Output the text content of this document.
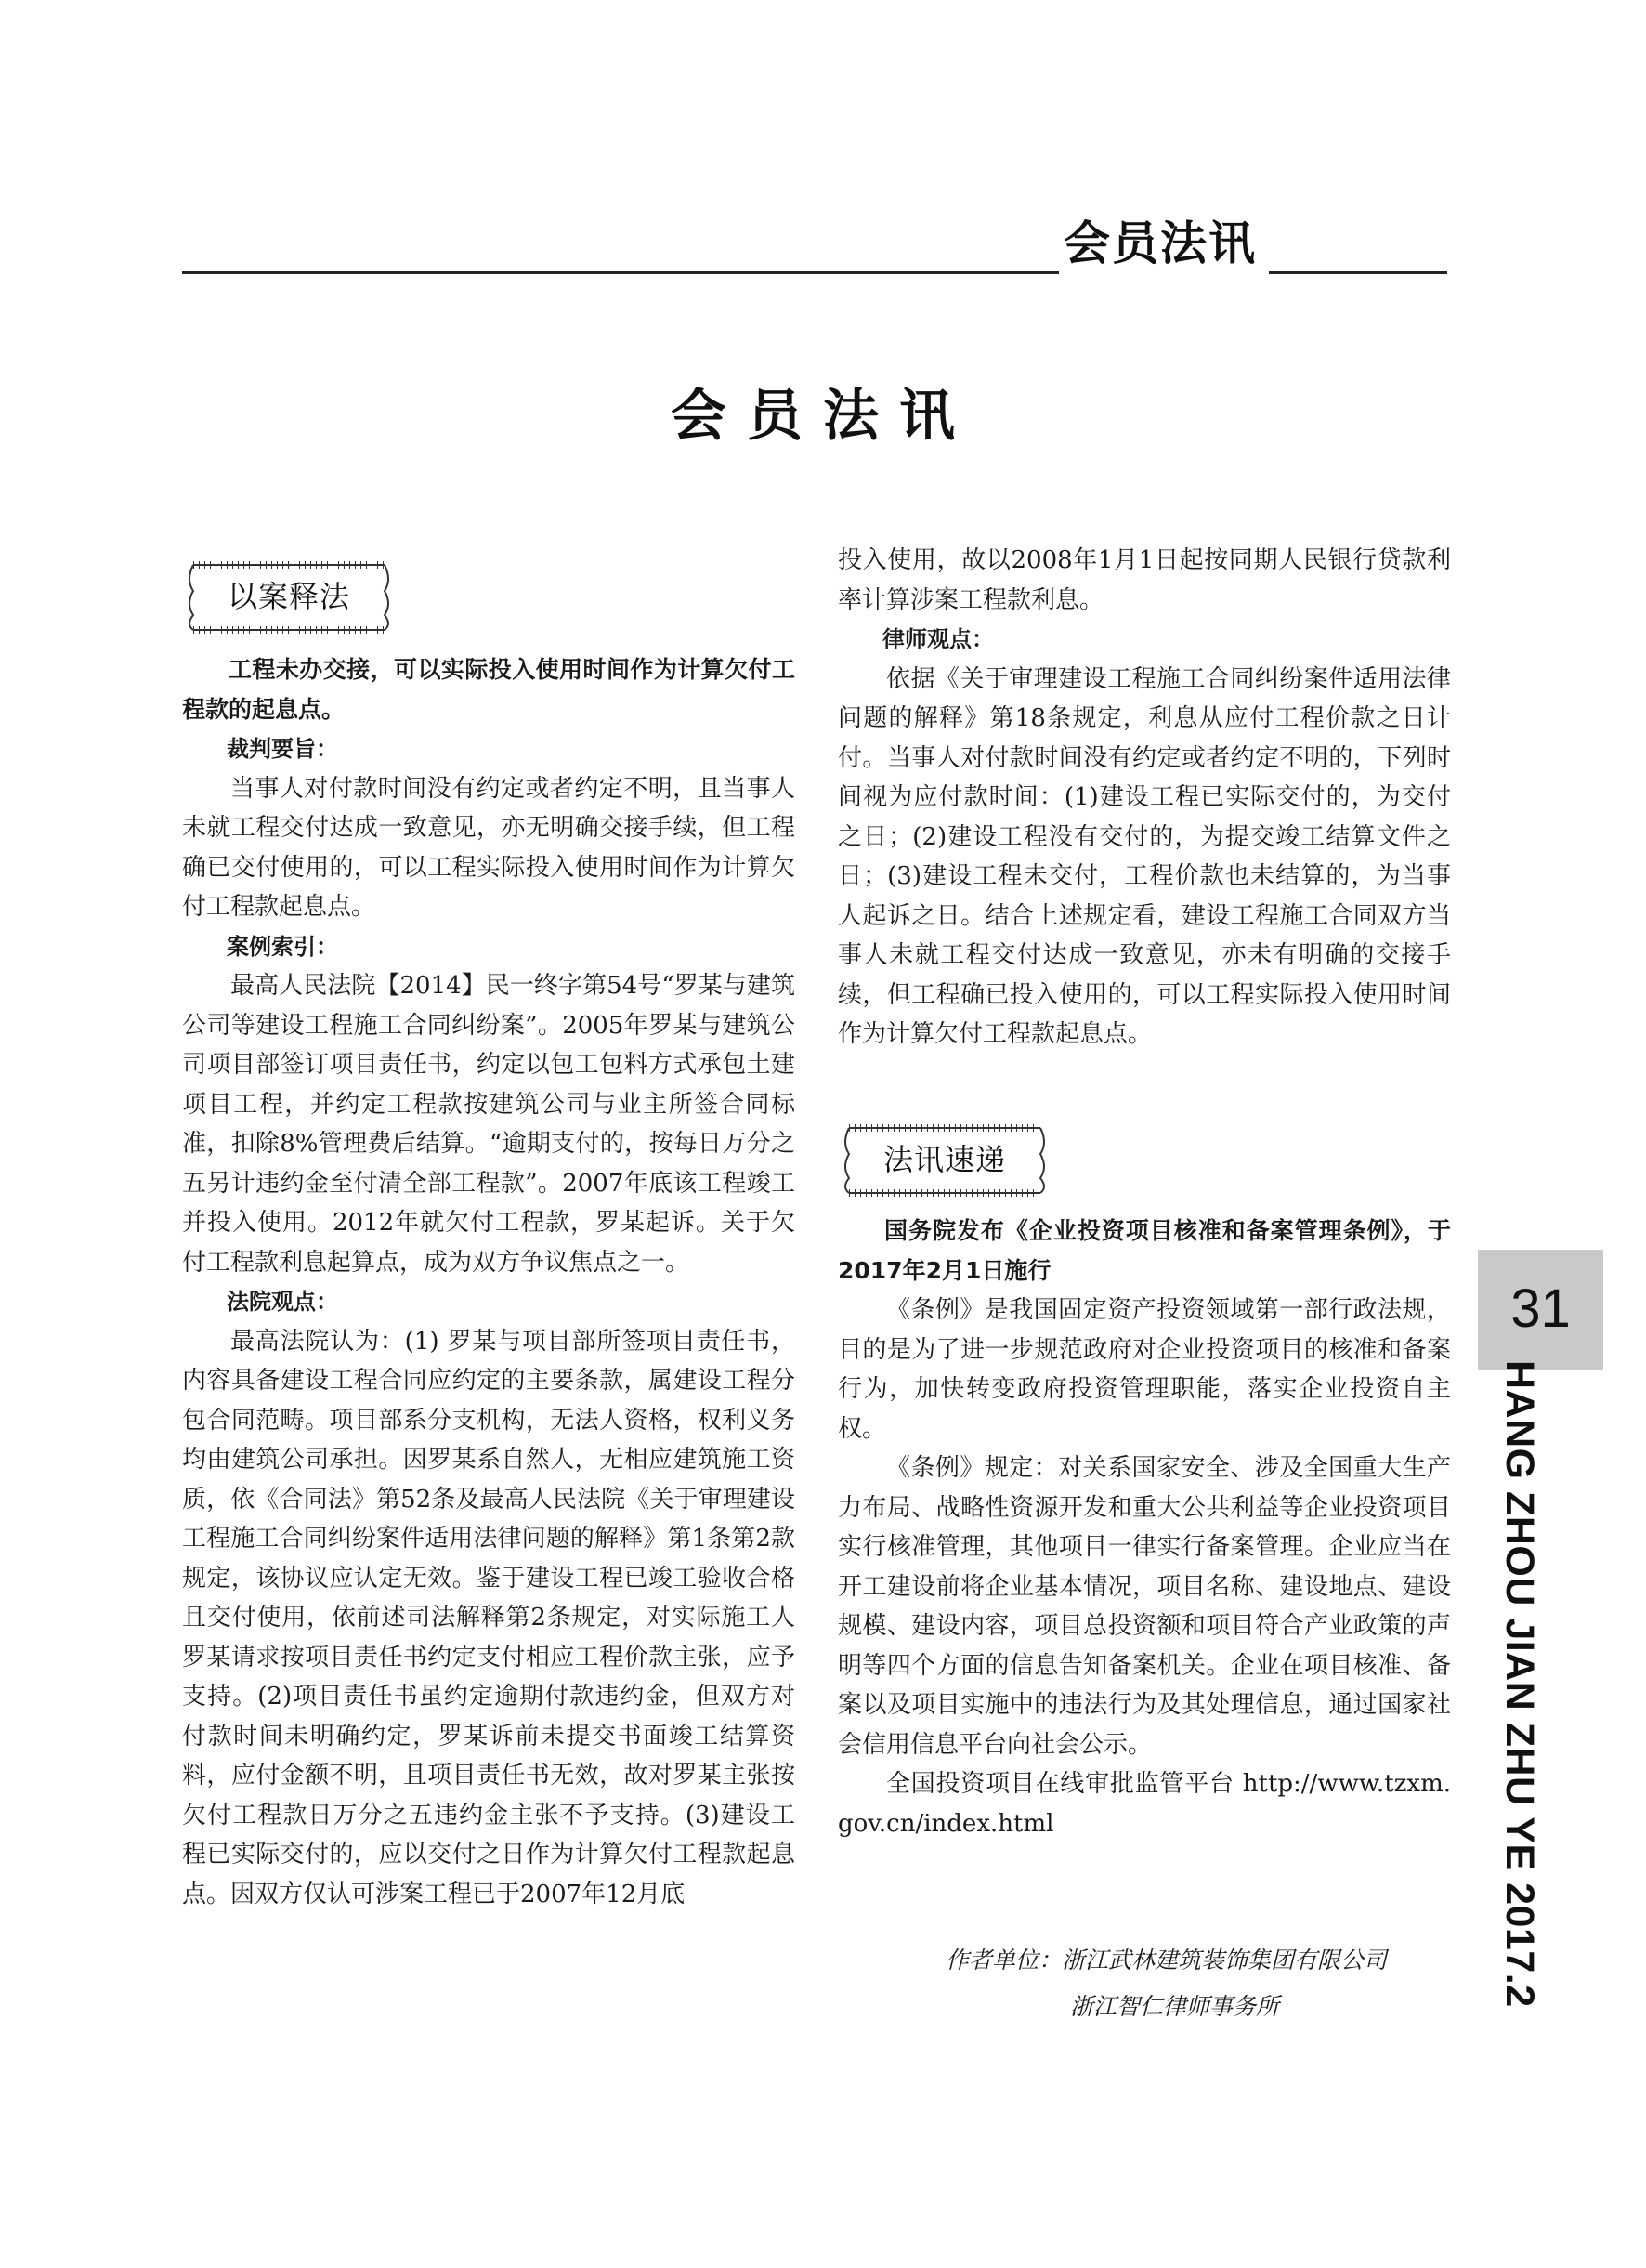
会员法讯
会员法讯
以案释法

工程未办交接，可以实际投入使用时间作为计算欠付工程款的起息点。

裁判要旨：

当事人对付款时间没有约定或者约定不明，且当事人未就工程交付达成一致意见，亦无明确交接手续，但工程确已交付使用的，可以工程实际投入使用时间作为计算欠付工程款起息点。

案例索引：

最高人民法院【2014】民一终字第54号“罗某与建筑公司等建设工程施工合同纠纷案”。2005年罗某与建筑公司项目部签订项目责任书，约定以包工包料方式承包土建项目工程，并约定工程款按建筑公司与业主所签合同标准，扣除8%管理费后结算。“逾期支付的，按每日万分之五另计违约金至付清全部工程款”。2007年底该工程竣工并投入使用。2012年就欠付工程款，罗某起诉。关于欠付工程款利息起算点，成为双方争议焦点之一。

法院观点：

最高法院认为：(1) 罗某与项目部所签项目责任书，内容具备建设工程合同应约定的主要条款，属建设工程分包合同范畴。项目部系分支机构，无法人资格，权利义务均由建筑公司承担。因罗某系自然人，无相应建筑施工资质，依《合同法》第52条及最高人民法院《关于审理建设工程施工合同纠纷案件适用法律问题的解释》第1条第2款规定，该协议应认定无效。鉴于建设工程已竣工验收合格且交付使用，依前述司法解释第2条规定，对实际施工人罗某请求按项目责任书约定支付相应工程价款主张，应予支持。(2)项目责任书虽约定逾期付款违约金，但双方对付款时间未明确约定，罗某诉前未提交书面竣工结算资料，应付金额不明，且项目责任书无效，故对罗某主张按欠付工程款日万分之五违约金主张不予支持。(3)建设工程已实际交付的，应以交付之日作为计算欠付工程款起息点。因双方仅认可涉案工程已于2007年12月底

投入使用，故以2008年1月1日起按同期人民银行贷款利率计算涉案工程款利息。

律师观点：

依据《关于审理建设工程施工合同纠纷案件适用法律问题的解释》第18条规定，利息从应付工程价款之日计付。当事人对付款时间没有约定或者约定不明的，下列时间视为应付款时间：(1)建设工程已实际交付的，为交付之日；(2)建设工程没有交付的，为提交竣工结算文件之日；(3)建设工程未交付，工程价款也未结算的，为当事人起诉之日。结合上述规定看，建设工程施工合同双方当事人未就工程交付达成一致意见，亦未有明确的交接手续，但工程确已投入使用的，可以工程实际投入使用时间作为计算欠付工程款起息点。

法讯速递

国务院发布《企业投资项目核准和备案管理条例》，于2017年2月1日施行

《条例》是我国固定资产投资领域第一部行政法规，目的是为了进一步规范政府对企业投资项目的核准和备案行为，加快转变政府投资管理职能，落实企业投资自主权。

《条例》规定：对关系国家安全、涉及全国重大生产力布局、战略性资源开发和重大公共利益等企业投资项目实行核准管理，其他项目一律实行备案管理。企业应当在开工建设前将企业基本情况，项目名称、建设地点、建设规模、建设内容，项目总投资额和项目符合产业政策的声明等四个方面的信息告知备案机关。企业在项目核准、备案以及项目实施中的违法行为及其处理信息，通过国家社会信用信息平台向社会公示。

全国投资项目在线审批监管平台 http://www.tzxm.gov.cn/index.html

作者单位：浙江武林建筑装饰集团有限公司
浙江智仁律师事务所
31
HANG ZHOU JIAN ZHU YE 2017.2
